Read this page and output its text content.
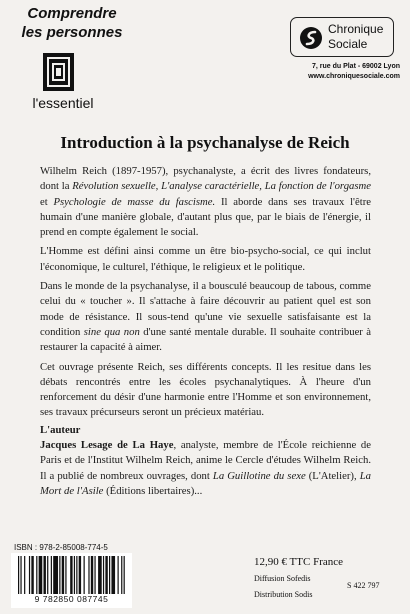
Comprendre
les personnes
l'essentiel
Chronique
Sociale
7, rue du Plat - 69002 Lyon
www.chroniquesociale.com
Introduction à la psychanalyse de Reich

Wilhelm Reich (1897-1957), psychanalyste, a écrit des livres fondateurs, dont la Révolution sexuelle, L'analyse caractérielle, La fonction de l'orgasme et Psychologie de masse du fascisme. Il aborde dans ses travaux l'être humain d'une manière globale, d'autant plus que, par le biais de l'énergie, il prend en compte également le social.

L'Homme est défini ainsi comme un être bio-psycho-social, ce qui inclut l'économique, le culturel, l'éthique, le religieux et le politique.

Dans le monde de la psychanalyse, il a bousculé beaucoup de tabous, comme celui du « toucher ». Il s'attache à faire découvrir au patient quel est son mode de résistance. Il sous-tend qu'une vie sexuelle satisfaisante est la condition sine qua non d'une santé mentale durable. Il souhaite contribuer à restaurer la capacité à aimer.

Cet ouvrage présente Reich, ses différents concepts. Il les resitue dans les débats rencontrés entre les écoles psychanalytiques. À l'heure d'un renforcement du désir d'une harmonie entre l'Homme et son environnement, ses travaux précurseurs seront un précieux matériau.

L'auteur

Jacques Lesage de La Haye, analyste, membre de l'École reichienne de Paris et de l'Institut Wilhelm Reich, anime le Cercle d'études Wilhelm Reich. Il a publié de nombreux ouvrages, dont La Guillotine du sexe (L'Atelier), La Mort de l'Asile (Éditions libertaires)...

ISBN : 978-2-85008-774-5
9 782850 087745
12,90 € TTC France
Diffusion Sofedis
Distribution Sodis
S 422 797
